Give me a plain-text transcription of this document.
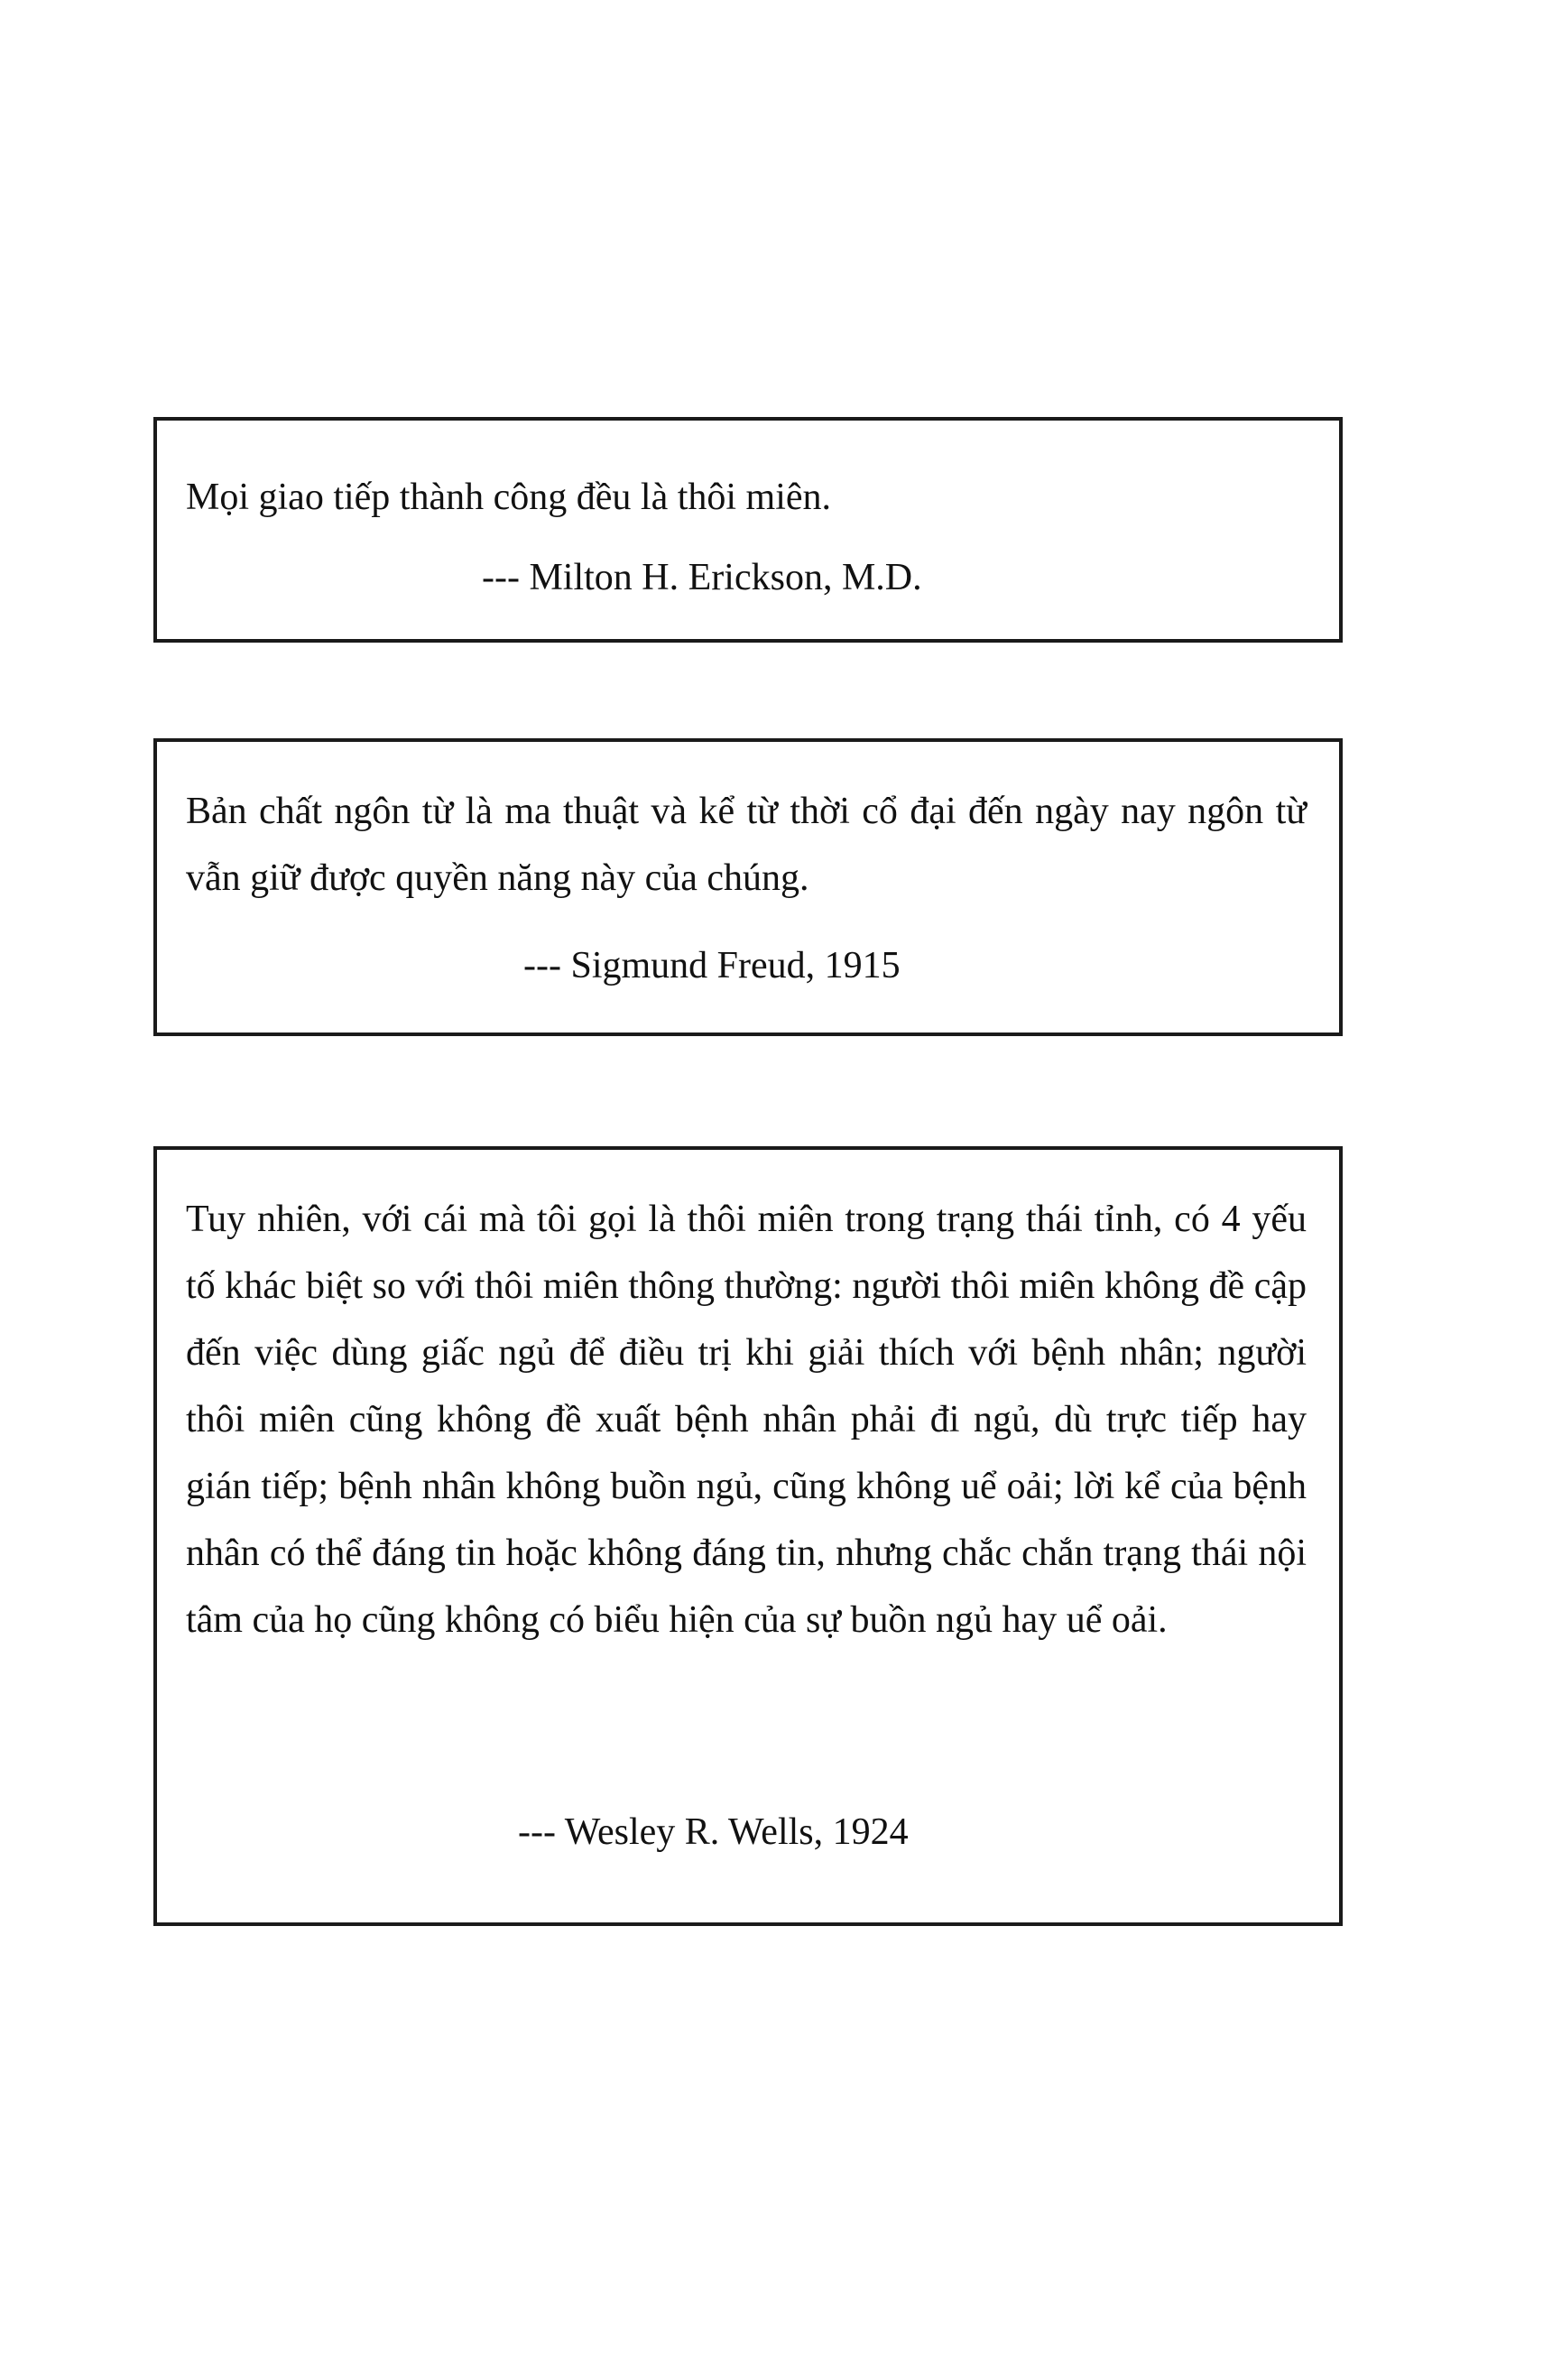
Mọi giao tiếp thành công đều là thôi miên.

--- Milton H. Erickson, M.D.

Bản chất ngôn từ là ma thuật và kể từ thời cổ đại đến ngày nay ngôn từ vẫn giữ được quyền năng này của chúng.

--- Sigmund Freud, 1915

Tuy nhiên, với cái mà tôi gọi là thôi miên trong trạng thái tỉnh, có 4 yếu tố khác biệt so với thôi miên thông thường: người thôi miên không đề cập đến việc dùng giấc ngủ để điều trị khi giải thích với bệnh nhân; người thôi miên cũng không đề xuất bệnh nhân phải đi ngủ, dù trực tiếp hay gián tiếp; bệnh nhân không buồn ngủ, cũng không uể oải; lời kể của bệnh nhân có thể đáng tin hoặc không đáng tin, nhưng chắc chắn trạng thái nội tâm của họ cũng không có biểu hiện của sự buồn ngủ hay uể oải.

--- Wesley R. Wells, 1924
